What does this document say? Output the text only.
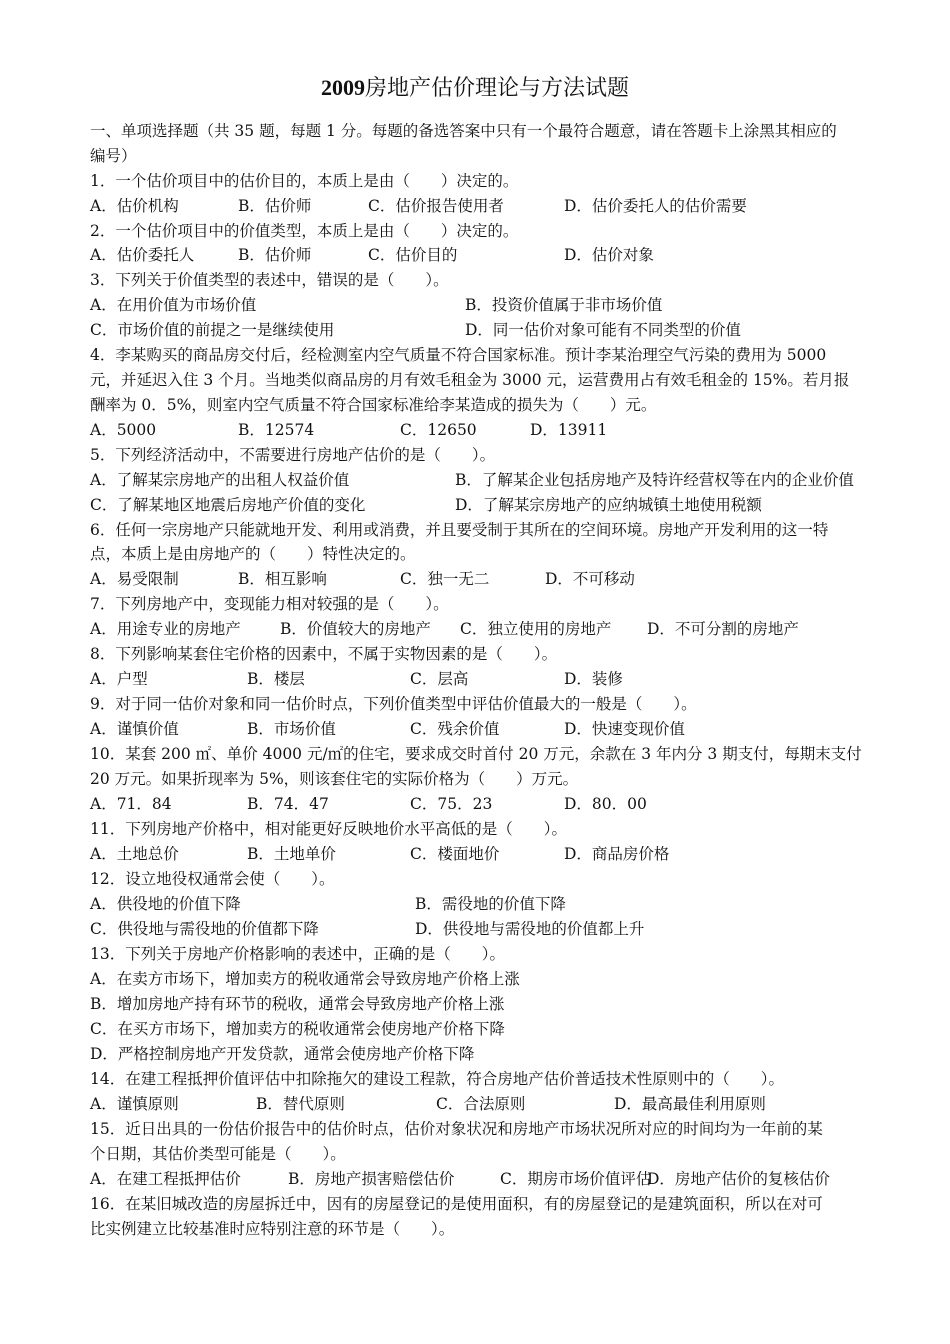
2009房地产估价理论与方法试题
一、单项选择题（共 35 题，每题 1 分。每题的备选答案中只有一个最符合题意，请在答题卡上涂黑其相应的
编号）
1．一个估价项目中的估价目的，本质上是由（　　）决定的。
A．估价机构	B．估价师	C．估价报告使用者	D．估价委托人的估价需要
2．一个估价项目中的价值类型，本质上是由（　　）决定的。
A．估价委托人	B．估价师	C．估价目的	D．估价对象
3．下列关于价值类型的表述中，错误的是（　　）。
A．在用价值为市场价值	B．投资价值属于非市场价值
C．市场价值的前提之一是继续使用	D．同一估价对象可能有不同类型的价值
4．李某购买的商品房交付后，经检测室内空气质量不符合国家标准。预计李某治理空气污染的费用为 5000
元，并延迟入住 3 个月。当地类似商品房的月有效毛租金为 3000 元，运营费用占有效毛租金的 15%。若月报
酬率为 0．5%，则室内空气质量不符合国家标准给李某造成的损失为（　　）元。
A．5000	B．12574	C．12650	D．13911
5．下列经济活动中，不需要进行房地产估价的是（　　）。
A．了解某宗房地产的出租人权益价值	B．了解某企业包括房地产及特许经营权等在内的企业价值
C．了解某地区地震后房地产价值的变化	D．了解某宗房地产的应纳城镇土地使用税额
6．任何一宗房地产只能就地开发、利用或消费，并且要受制于其所在的空间环境。房地产开发利用的这一特
点，本质上是由房地产的（　　）特性决定的。
A．易受限制	B．相互影响	C．独一无二	D．不可移动
7．下列房地产中，变现能力相对较强的是（　　）。
A．用途专业的房地产	B．价值较大的房地产 C．独立使用的房地产 D．不可分割的房地产
8．下列影响某套住宅价格的因素中，不属于实物因素的是（　　）。
A．户型	B．楼层	C．层高	D．装修
9．对于同一估价对象和同一估价时点，下列价值类型中评估价值最大的一般是（　　）。
A．谨慎价值	B．市场价值	C．残余价值	D．快速变现价值
10．某套 200 ㎡、单价 4000 元/㎡的住宅，要求成交时首付 20 万元，余款在 3 年内分 3 期支付，每期末支付
20 万元。如果折现率为 5%，则该套住宅的实际价格为（　　）万元。
A．71．84	B．74．47	C．75．23	D．80．00
11．下列房地产价格中，相对能更好反映地价水平高低的是（　　）。
A．土地总价	B．土地单价	C．楼面地价	D．商品房价格
12．设立地役权通常会使（　　）。
A．供役地的价值下降	B．需役地的价值下降
C．供役地与需役地的价值都下降	D．供役地与需役地的价值都上升
13．下列关于房地产价格影响的表述中，正确的是（　　）。
A．在卖方市场下，增加卖方的税收通常会导致房地产价格上涨
B．增加房地产持有环节的税收，通常会导致房地产价格上涨
C．在买方市场下，增加卖方的税收通常会使房地产价格下降
D．严格控制房地产开发贷款，通常会使房地产价格下降
14．在建工程抵押价值评估中扣除拖欠的建设工程款，符合房地产估价普适技术性原则中的（　　）。
A．谨慎原则	B．替代原则	C．合法原则	D．最高最佳利用原则
15．近日出具的一份估价报告中的估价时点，估价对象状况和房地产市场状况所对应的时间均为一年前的某
个日期，其估价类型可能是（　　）。
A．在建工程抵押估价	B．房地产损害赔偿估价	C．期房市场价值评估
D．房地产估价的复核估价
16．在某旧城改造的房屋拆迁中，因有的房屋登记的是使用面积，有的房屋登记的是建筑面积，所以在对可
比实例建立比较基准时应特别注意的环节是（　　）。
